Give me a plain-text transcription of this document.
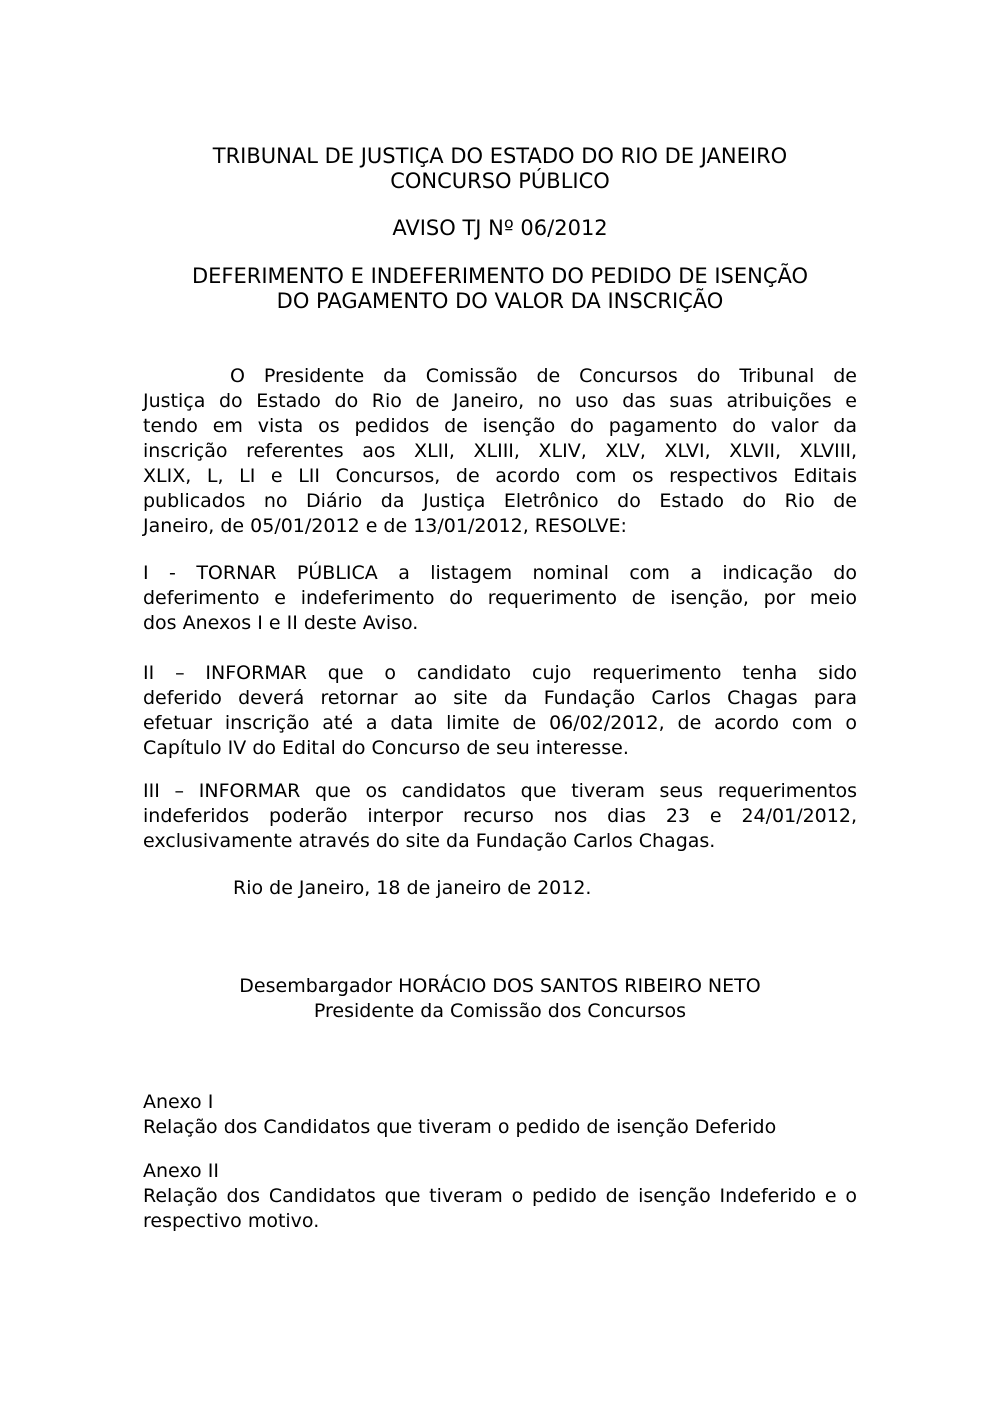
TRIBUNAL DE JUSTIÇA DO ESTADO DO RIO DE JANEIRO
CONCURSO PÚBLICO
AVISO TJ Nº 06/2012
DEFERIMENTO E INDEFERIMENTO DO PEDIDO DE ISENÇÃO
DO PAGAMENTO DO VALOR DA INSCRIÇÃO
O Presidente da Comissão de Concursos do Tribunal de
Justiça do Estado do Rio de Janeiro, no uso das suas atribuições e
tendo em vista os pedidos de isenção do pagamento do valor da
inscrição referentes aos XLII, XLIII, XLIV, XLV, XLVI, XLVII, XLVIII,
XLIX, L, LI e LII Concursos, de acordo com os respectivos Editais
publicados no Diário da Justiça Eletrônico do Estado do Rio de
Janeiro, de 05/01/2012 e de 13/01/2012, RESOLVE:
I - TORNAR PÚBLICA a listagem nominal com a indicação do
deferimento e indeferimento do requerimento de isenção, por meio
dos Anexos I e II deste Aviso.
II – INFORMAR que o candidato cujo requerimento tenha sido
deferido deverá retornar ao site da Fundação Carlos Chagas para
efetuar inscrição até a data limite de 06/02/2012, de acordo com o
Capítulo IV do Edital do Concurso de seu interesse.
III – INFORMAR que os candidatos que tiveram seus requerimentos
indeferidos poderão interpor recurso nos dias 23 e 24/01/2012,
exclusivamente através do site da Fundação Carlos Chagas.
Rio de Janeiro, 18 de janeiro de 2012.
Desembargador HORÁCIO DOS SANTOS RIBEIRO NETO
Presidente da Comissão dos Concursos
Anexo I
Relação dos Candidatos que tiveram o pedido de isenção Deferido
Anexo II
Relação dos Candidatos que tiveram o pedido de isenção Indeferido e o
respectivo motivo.
